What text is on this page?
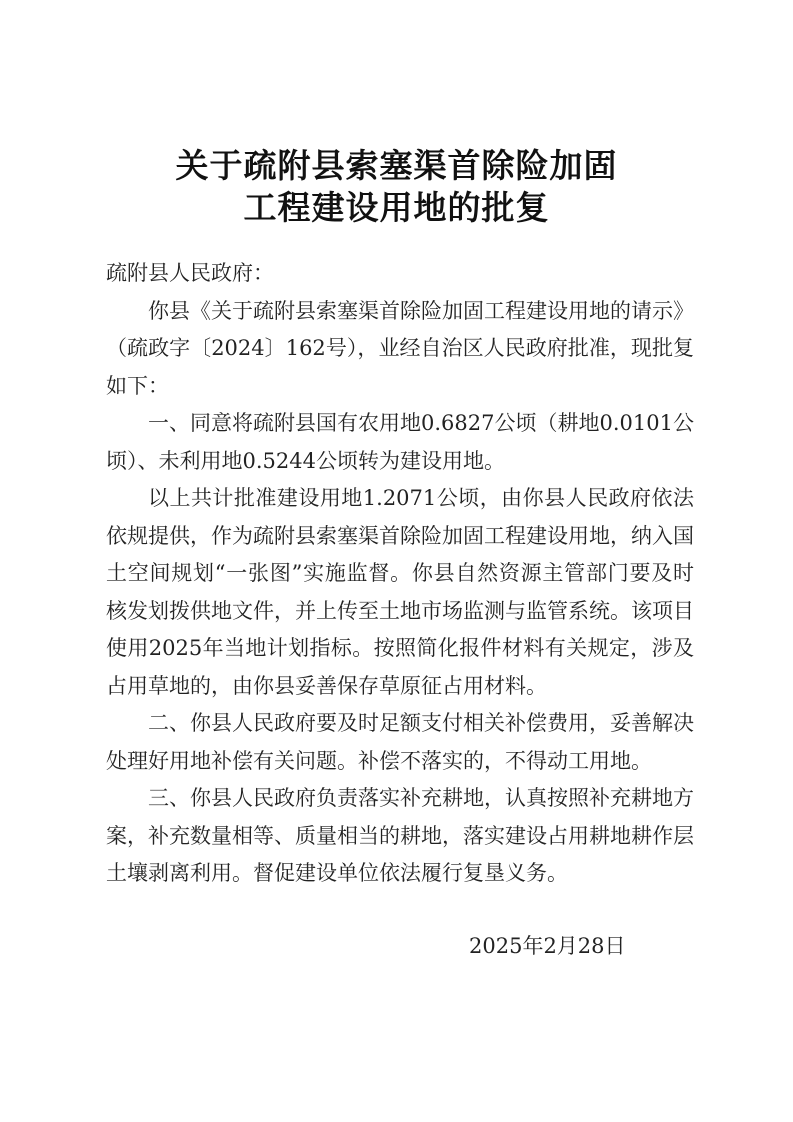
关于疏附县索塞渠首除险加固
工程建设用地的批复

疏附县人民政府：

你县《关于疏附县索塞渠首除险加固工程建设用地的请示》（疏政字〔2024〕162号），业经自治区人民政府批准，现批复如下：

一、同意将疏附县国有农用地0.6827公顷（耕地0.0101公顷）、未利用地0.5244公顷转为建设用地。

以上共计批准建设用地1.2071公顷，由你县人民政府依法依规提供，作为疏附县索塞渠首除险加固工程建设用地，纳入国土空间规划“一张图”实施监督。你县自然资源主管部门要及时核发划拨供地文件，并上传至土地市场监测与监管系统。该项目使用2025年当地计划指标。按照简化报件材料有关规定，涉及占用草地的，由你县妥善保存草原征占用材料。

二、你县人民政府要及时足额支付相关补偿费用，妥善解决处理好用地补偿有关问题。补偿不落实的，不得动工用地。

三、你县人民政府负责落实补充耕地，认真按照补充耕地方案，补充数量相等、质量相当的耕地，落实建设占用耕地耕作层土壤剥离利用。督促建设单位依法履行复垦义务。

2025年2月28日
